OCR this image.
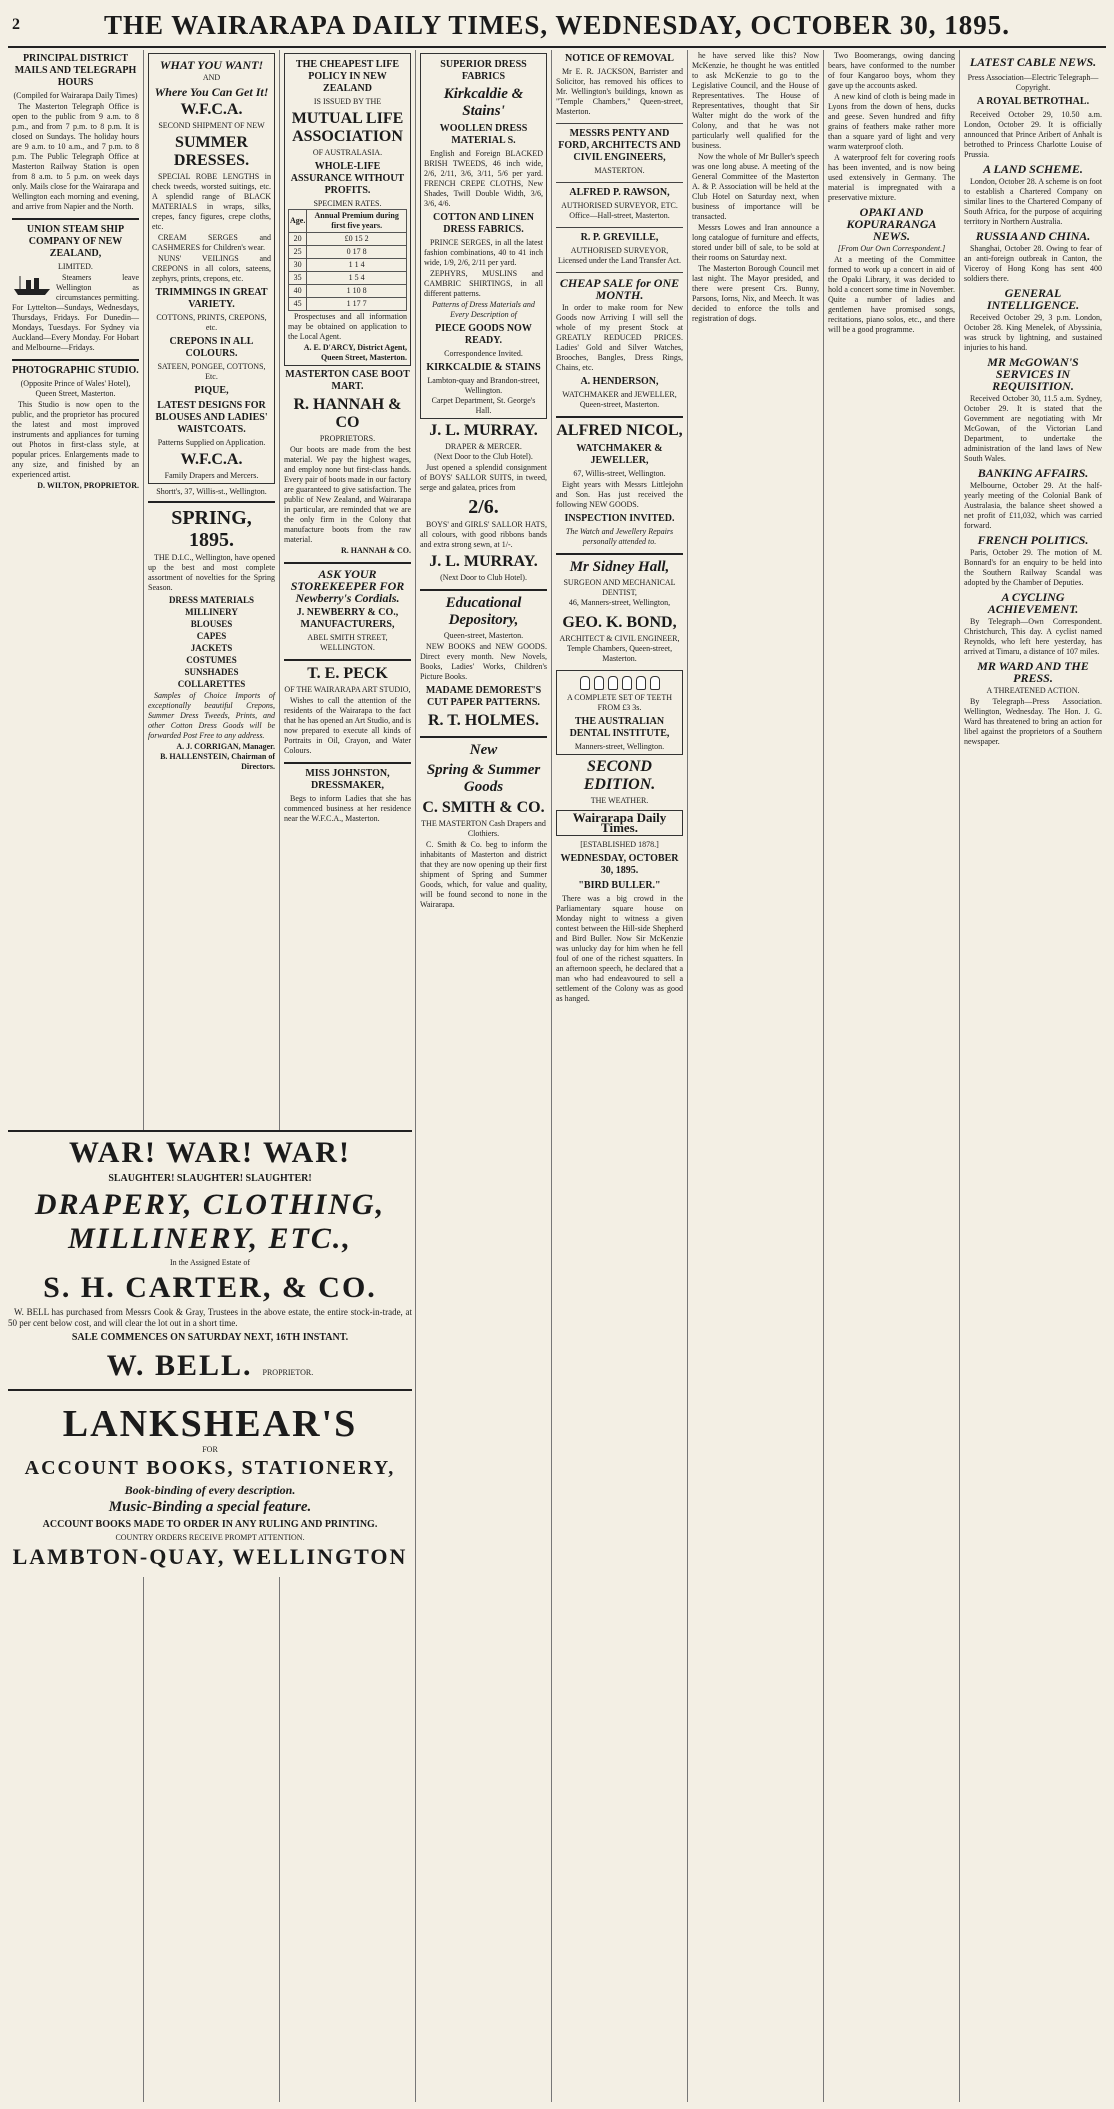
2	THE WAIRARAPA DAILY TIMES, WEDNESDAY, OCTOBER 30, 1895.
PRINCIPAL DISTRICT MAILS AND TELEGRAPH HOURS
(Compiled for Wairarapa Daily Times)
The Masterton Telegraph Office is open to the public from 9 a.m. to 8 p.m., and from 7 p.m. to 8 p.m. It is closed on Sundays. The holiday hours are 9 a.m. to 10 a.m., and 7 p.m. to 8 p.m. The Public Telegraph Office at Masterton Railway Station is open from 8 a.m. to 5 p.m. on week days only. Mails close for the Wairarapa and Wellington each morning and evening, and arrive from Napier and the North.
UNION STEAM SHIP COMPANY OF NEW ZEALAND,
LIMITED.
Steamers leave Wellington as circumstances permitting. For Lyttelton—Sundays, Wednesdays, Thursdays, Fridays. For Dunedin—Mondays, Tuesdays. For Sydney via Auckland—Every Monday. For Hobart and Melbourne—Fridays.
PHOTOGRAPHIC STUDIO.
(Opposite Prince of Wales' Hotel), Queen Street, Masterton.
This Studio is now open to the public, and the proprietor has procured the latest and most improved instruments and appliances for turning out Photos in first-class style, at popular prices. Enlargements made to any size, and finished by an experienced artist.
D. WILTON, PROPRIETOR.
WHAT YOU WANT!
AND
Where You Can Get It!
W.F.C.A.
SECOND SHIPMENT OF NEW
SUMMER DRESSES.
SPECIAL ROBE LENGTHS in check tweeds, worsted suitings, etc. A splendid range of BLACK MATERIALS in wraps, silks, crepes, fancy figures, crepe cloths, etc.
CREAM SERGES and CASHMERES for Children's wear.
NUNS' VEILINGS and CREPONS in all colors, sateens, zephyrs, prints, crepons, etc.
TRIMMINGS IN GREAT VARIETY.
COTTONS, PRINTS, CREPONS, etc.
CREPONS IN ALL COLOURS.
SATEEN, PONGEE, COTTONS, Etc.
PIQUE,
LATEST DESIGNS FOR BLOUSES AND LADIES' WAISTCOATS.
Patterns Supplied on Application.
W.F.C.A.
Family Drapers and Mercers.
Shortt's, 37, Willis-st., Wellington.
SPRING, 1895.
THE D.I.C., Wellington, have opened up the best and most complete assortment of novelties for the Spring Season.
DRESS MATERIALS
MILLINERY
BLOUSES
CAPES
JACKETS
COSTUMES
SUNSHADES
COLLARETTES
Samples of Choice Imports of exceptionally beautiful Crepons, Summer Dress Tweeds, Prints, and other Cotton Dress Goods will be forwarded Post Free to any address.
A. J. CORRIGAN, Manager.
B. HALLENSTEIN, Chairman of Directors.
THE CHEAPEST LIFE POLICY IN NEW ZEALAND
IS ISSUED BY THE
MUTUAL LIFE ASSOCIATION
OF AUSTRALASIA.
WHOLE-LIFE ASSURANCE WITHOUT PROFITS.
SPECIMEN RATES.
Age.	Annual Premium during first five years.
20	£0 15 2
25	0 17 8
30	1 1 4
35	1 5 4
40	1 10 8
45	1 17 7
Prospectuses and all information may be obtained on application to the Local Agent.
A. E. D'ARCY, District Agent, Queen Street, Masterton.
MASTERTON CASE BOOT MART.
R. HANNAH & CO
PROPRIETORS.
Our boots are made from the best material. We pay the highest wages, and employ none but first-class hands. Every pair of boots made in our factory are guaranteed to give satisfaction. The public of New Zealand, and Wairarapa in particular, are reminded that we are the only firm in the Colony that manufacture boots from the raw material.
R. HANNAH & CO.
ASK YOUR STOREKEEPER FOR Newberry's Cordials.
J. NEWBERRY & CO., MANUFACTURERS,
ABEL SMITH STREET, WELLINGTON.
T. E. PECK
OF THE WAIRARAPA ART STUDIO,
Wishes to call the attention of the residents of the Wairarapa to the fact that he has opened an Art Studio, and is now prepared to execute all kinds of Portraits in Oil, Crayon, and Water Colours.
MISS JOHNSTON, DRESSMAKER,
Begs to inform Ladies that she has commenced business at her residence near the W.F.C.A., Masterton.
SUPERIOR DRESS FABRICS
Kirkcaldie & Stains'
WOOLLEN DRESS MATERIAL S.
English and Foreign BLACKED BRISH TWEEDS, 46 inch wide, 2/6, 2/11, 3/6, 3/11, 5/6 per yard. FRENCH CREPE CLOTHS, New Shades, Twill Double Width, 3/6, 3/6, 4/6.
COTTON AND LINEN DRESS FABRICS.
PRINCE SERGES, in all the latest fashion combinations, 40 to 41 inch wide, 1/9, 2/6, 2/11 per yard.
ZEPHYRS, MUSLINS and CAMBRIC SHIRTINGS, in all different patterns.
Patterns of Dress Materials and Every Description of
PIECE GOODS NOW READY.
Correspondence Invited.
KIRKCALDIE & STAINS
Lambton-quay and Brandon-street, Wellington.
Carpet Department, St. George's Hall.
J. L. MURRAY.
DRAPER & MERCER.
(Next Door to the Club Hotel).
Just opened a splendid consignment of BOYS' SALLOR SUITS, in tweed, serge and galatea, prices from
2/6.
BOYS' and GIRLS' SALLOR HATS, all colours, with good ribbons bands and extra strong sewn, at 1/-.
J. L. MURRAY.
(Next Door to Club Hotel).
Educational Depository,
Queen-street, Masterton.
NEW BOOKS and NEW GOODS. Direct every month. New Novels, Books, Ladies' Works, Children's Picture Books.
MADAME DEMOREST'S CUT PAPER PATTERNS.
R. T. HOLMES.
New
Spring & Summer Goods
C. SMITH & CO.
THE MASTERTON Cash Drapers and Clothiers.
C. Smith & Co. beg to inform the inhabitants of Masterton and district that they are now opening up their first shipment of Spring and Summer Goods, which, for value and quality, will be found second to none in the Wairarapa.
NOTICE OF REMOVAL
Mr E. R. JACKSON, Barrister and Solicitor, has removed his offices to Mr. Wellington's buildings, known as "Temple Chambers," Queen-street, Masterton.
MESSRS PENTY AND FORD, ARCHITECTS AND CIVIL ENGINEERS,
MASTERTON.
ALFRED P. RAWSON,
AUTHORISED SURVEYOR, ETC.
Office—Hall-street, Masterton.
R. P. GREVILLE,
AUTHORISED SURVEYOR,
Licensed under the Land Transfer Act.
CHEAP SALE for ONE MONTH.
In order to make room for New Goods now Arriving I will sell the whole of my present Stock at GREATLY REDUCED PRICES. Ladies' Gold and Silver Watches, Brooches, Bangles, Dress Rings, Chains, etc.
A. HENDERSON,
WATCHMAKER and JEWELLER, Queen-street, Masterton.
ALFRED NICOL,
WATCHMAKER & JEWELLER,
67, Willis-street, Wellington.
Eight years with Messrs Littlejohn and Son. Has just received the following NEW GOODS.
INSPECTION INVITED.
The Watch and Jewellery Repairs personally attended to.
Mr Sidney Hall,
SURGEON AND MECHANICAL DENTIST,
46, Manners-street, Wellington,
GEO. K. BOND,
ARCHITECT & CIVIL ENGINEER,
Temple Chambers, Queen-street, Masterton.
A COMPLETE SET OF TEETH FROM £3 3s.
THE AUSTRALIAN DENTAL INSTITUTE,
Manners-street, Wellington.
SECOND EDITION.
THE WEATHER.
Wairarapa Daily Times.
[ESTABLISHED 1878.]
WEDNESDAY, OCTOBER 30, 1895.
"BIRD BULLER."
There was a big crowd in the Parliamentary square house on Monday night to witness a given contest between the Hill-side Shepherd and Bird Buller. Now Sir McKenzie was unlucky day for him when he fell foul of one of the richest squatters. In an afternoon speech, he declared that a man who had endeavoured to sell a settlement of the Colony was as good as hanged.
he have served like this? Now McKenzie, he thought he was entitled to ask McKenzie to go to the Legislative Council, and the House of Representatives. The House of Representatives, thought that Sir Walter might do the work of the Colony, and that he was not particularly well qualified for the business.
Now the whole of Mr Buller's speech was one long abuse. A meeting of the General Committee of the Masterton A. & P. Association will be held at the Club Hotel on Saturday next, when business of importance will be transacted.
Messrs Lowes and Iran announce a long catalogue of furniture and effects, stored under bill of sale, to be sold at their rooms on Saturday next.
The Masterton Borough Council met last night. The Mayor presided, and there were present Crs. Bunny, Parsons, Iorns, Nix, and Meech. It was decided to enforce the tolls and registration of dogs.
Two Boomerangs, owing dancing bears, have conformed to the number of four Kangaroo boys, whom they gave up the accounts asked.
A new kind of cloth is being made in Lyons from the down of hens, ducks and geese. Seven hundred and fifty grains of feathers make rather more than a square yard of light and very warm waterproof cloth.
A waterproof felt for covering roofs has been invented, and is now being used extensively in Germany. The material is impregnated with a preservative mixture.
OPAKI AND KOPURARANGA NEWS.
[From Our Own Correspondent.]
At a meeting of the Committee formed to work up a concert in aid of the Opaki Library, it was decided to hold a concert some time in November. Quite a number of ladies and gentlemen have promised songs, recitations, piano solos, etc., and there will be a good programme.
LATEST CABLE NEWS.
Press Association—Electric Telegraph—Copyright.
A ROYAL BETROTHAL.
Received October 29, 10.50 a.m. London, October 29. It is officially announced that Prince Aribert of Anhalt is betrothed to Princess Charlotte Louise of Prussia.
A LAND SCHEME.
London, October 28. A scheme is on foot to establish a Chartered Company on similar lines to the Chartered Company of South Africa, for the purpose of acquiring territory in Northern Australia.
RUSSIA AND CHINA.
Shanghai, October 28. Owing to fear of an anti-foreign outbreak in Canton, the Viceroy of Hong Kong has sent 400 soldiers there.
GENERAL INTELLIGENCE.
Received October 29, 3 p.m. London, October 28. King Menelek, of Abyssinia, was struck by lightning, and sustained injuries to his hand.
MR McGOWAN'S SERVICES IN REQUISITION.
Received October 30, 11.5 a.m. Sydney, October 29. It is stated that the Government are negotiating with Mr McGowan, of the Victorian Land Department, to undertake the administration of the land laws of New South Wales.
BANKING AFFAIRS.
Melbourne, October 29. At the half-yearly meeting of the Colonial Bank of Australasia, the balance sheet showed a net profit of £11,032, which was carried forward.
FRENCH POLITICS.
Paris, October 29. The motion of M. Bonnard's for an enquiry to be held into the Southern Railway Scandal was adopted by the Chamber of Deputies.
A CYCLING ACHIEVEMENT.
By Telegraph—Own Correspondent. Christchurch, This day. A cyclist named Reynolds, who left here yesterday, has arrived at Timaru, a distance of 107 miles.
MR WARD AND THE PRESS.
A THREATENED ACTION.
By Telegraph—Press Association. Wellington, Wednesday. The Hon. J. G. Ward has threatened to bring an action for libel against the proprietors of a Southern newspaper.
WAR! WAR! WAR!
SLAUGHTER! SLAUGHTER! SLAUGHTER!
DRAPERY, CLOTHING, MILLINERY, ETC.,
In the Assigned Estate of
S. H. CARTER, & CO.
W. BELL has purchased from Messrs Cook & Gray, Trustees in the above estate, the entire stock-in-trade, at 50 per cent below cost, and will clear the lot out in a short time.
SALE COMMENCES ON SATURDAY NEXT, 16TH INSTANT.
W. BELL. PROPRIETOR.
LANKSHEAR'S
FOR
ACCOUNT BOOKS, STATIONERY,
Book-binding of every description.
Music-Binding a special feature.
ACCOUNT BOOKS MADE TO ORDER IN ANY RULING AND PRINTING.
COUNTRY ORDERS RECEIVE PROMPT ATTENTION.
LAMBTON-QUAY, WELLINGTON
